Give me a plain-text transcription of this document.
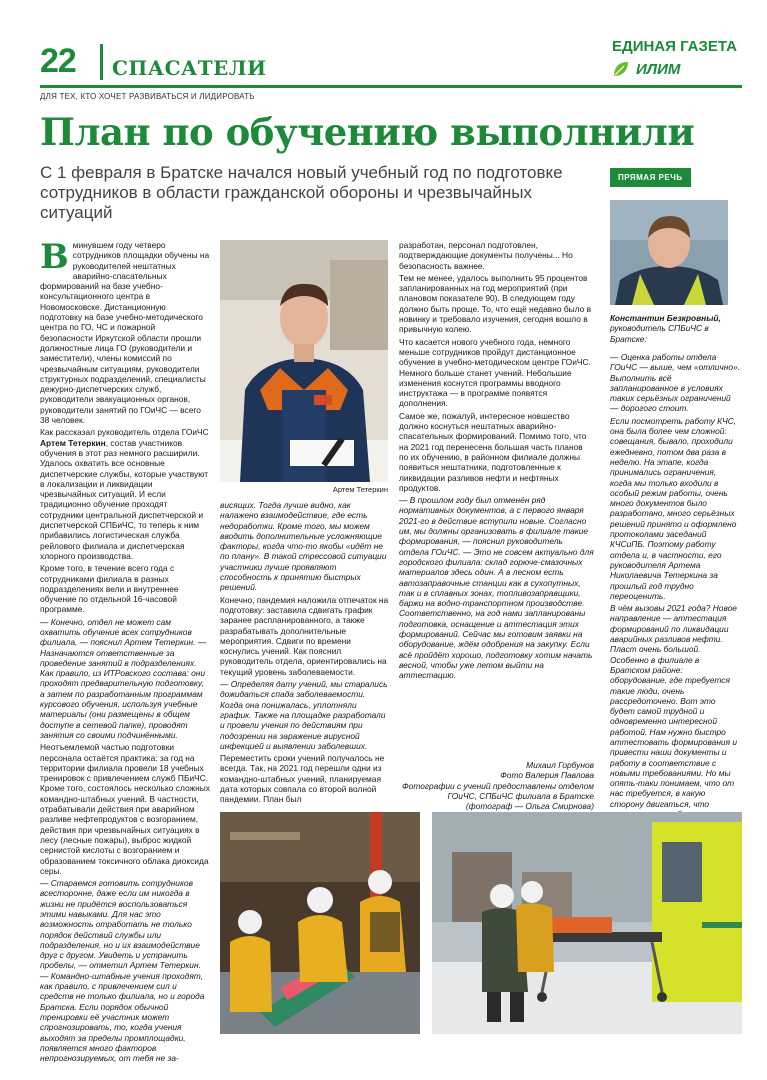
22 СПАСАТЕЛИ
ЕДИНАЯ ГАЗЕТА
ИЛИМ
ДЛЯ ТЕХ, КТО ХОЧЕТ РАЗВИВАТЬСЯ И ЛИДИРОВАТЬ
План по обучению выполнили
С 1 февраля в Братске начался новый учебный год по подготовке сотрудников в области гражданской обороны и чрезвычайных ситуаций

Вминувшем году четверо сотрудников площадки обучены на руководителей нештатных аварийно-спасательных формирований на базе учебно-консультационного центра в Новомосковске. Дистанционную подготовку на базе учебно-методического центра по ГО, ЧС и пожарной безопасности Иркутской области прошли должностные лица ГО (руководители и заместители), члены комиссий по чрезвычайным ситуациям, руководители структурных подразделений, специалисты дежурно-диспетчерских служб, руководители эвакуационных органов, руководители занятий по ГОиЧС — всего 38 человек.

Как рассказал руководитель отдела ГОиЧС Артем Тетеркин, состав участников обучения в этот раз немного расширили. Удалось охватить все основные диспетчерские службы, которые участвуют в локализации и ликвидации чрезвычайных ситуаций. И если традиционно обучение проходят сотрудники центральной диспетчерской и диспетчерской СПБиЧС, то теперь к ним прибавились логистическая служба рейлового филиала и диспетчерская хлорного производства.

Кроме того, в течение всего года с сотрудниками филиала в разных подразделениях вели и внутреннее обучение по отдельной 16-часовой программе.

— Конечно, отдел не может сам охватить обучение всех сотрудников филиала, — пояснил Артем Тетеркин. — Назначаются ответственные за проведение занятий в подразделениях. Как правило, из ИТРовского состава: они проходят предварительную подготовку, а затем по разработанным программам курсового обучения, используя учебные материалы (они размещены в общем доступе в сетевой папке), проводят занятия со своими подчинёнными.

Неотъемлемой частью подготовки персонала остаётся практика: за год на территории филиала провели 18 учебных тренировок с привлечением служб ПБиЧС. Кроме того, состоялось несколько сложных командно-штабных учений. В частности, отрабатывали действия при аварийном разливе нефтепродуктов с возгоранием, действия при чрезвычайных ситуациях в лесу (лесные пожары), выброс жидкой сернистой кислоты с возгоранием и образованием токсичного облака диоксида серы.

— Стараемся готовить сотрудников всесторонне, даже если им никогда в жизни не придётся воспользоваться этими навыками. Для нас это возможность отработать не только порядок действий службы или подразделения, но и их взаимодействие друг с другом. Увидеть и устранить пробелы, — отметил Артем Тетеркин. — Командно-штабные учения проходят, как правило, с привлечением сил и средств не только филиала, но и города Братска. Если порядок обычной тренировки её участник может спрогнозировать, то, когда учения выходят за пределы промплощадки, появляется много факторов непрогнозируемых, от тебя не за-

Артем Тетеркин

висящих. Тогда лучше видно, как налажено взаимодействие, где есть недоработки. Кроме того, мы можем вводить дополнительные усложняющие факторы, когда что-то якобы «идёт не по плану». В такой стрессовой ситуации участники лучше проявляют способность к принятию быстрых решений.

Конечно, пандемия наложила отпечаток на подготовку: заставила сдвигать график заранее распланированного, а также разрабатывать дополнительные мероприятия. Сдвиги по времени коснулись учений. Как пояснил руководитель отдела, ориентировались на текущий уровень заболеваемости.

— Определяя дату учений, мы старались дожидаться спада заболеваемости. Когда она понижалась, уплотняли график. Также на площадке разработали и провели учения по действиям при подозрении на заражение вирусной инфекцией и выявлении заболевших.

Переместить сроки учений получалось не всегда. Так, на 2021 год перешли одни из командно-штабных учений, планируемая дата которых совпала со второй волной пандемии. План был

разработан, персонал подготовлен, подтверждающие документы получены... Но безопасность важнее.

Тем не менее, удалось выполнить 95 процентов запланированных на год мероприятий (при плановом показателе 90). В следующем году должно быть проще. То, что ещё недавно было в новинку и требовало изучения, сегодня вошло в привычную колею.

Что касается нового учебного года, немного меньше сотрудников пройдут дистанционное обучение в учебно-методическом центре ГОиЧС. Немного больше станет учений. Небольшие изменения коснутся программы вводного инструктажа — в программе появятся дополнения.

Самое же, пожалуй, интересное новшество должно коснуться нештатных аварийно-спасательных формирований. Помимо того, что на 2021 год перенесена большая часть планов по их обучению, в районном филиале должны появиться нештатники, подготовленные к ликвидации разливов нефти и нефтяных продуктов.

— В прошлом году был отменён ряд нормативных документов, а с первого января 2021-го в действие вступили новые. Согласно им, мы должны организовать в филиале такие формирования, — пояснил руководитель отдела ГОиЧС. — Это не совсем актуально для городского филиала: склад горюче-смазочных материалов здесь один. А в лесном есть автозаправочные станции как в сухопутных, так и в сплавных зонах, топливозаправщики, баржи на водно-транспортном производстве. Соответственно, на год нами запланированы подготовка, оснащение и аттестация этих формирований. Сейчас мы готовим заявки на оборудование, ждём одобрения на закупку. Если всё пройдёт хорошо, подготовку хотим начать весной, чтобы уже летом выйти на аттестацию.

Михаил Горбунов
Фото Валерия Павлова
Фотографии с учений предоставлены отделом ГОиЧС, СПБиЧС филиала в Братске
(фотограф — Ольга Смирнова)
ПРЯМАЯ РЕЧЬ
Константин Безкровный,
руководитель СПБиЧС в Братске:

— Оценка работы отдела ГОиЧС — выше, чем «отлично». Выполнить всё запланированное в условиях таких серьёзных ограничений — дорогого стоит.

Если посмотреть работу КЧС, она была более чем сложной: совещания, бывало, проходили ежедневно, потом два раза в неделю. На этапе, когда принимались ограничения, когда мы только входили в особый режим работы, очень много документов было разработано, много серьёзных решений принято и оформлено протоколами заседаний КЧСиПБ. Поэтому работу отдела и, в частности, его руководителя Артема Николаевича Тетеркина за прошлый год трудно переоценить.

В чём вызовы 2021 года? Новое направление — аттестация формирований по ликвидации аварийных разливов нефти. Пласт очень большой. Особенно в филиале в Братском районе: оборудование, где требуется такие люди, очень рассредоточено. Вот это будет самой трудной и одновременно интересной работой. Нам нужно быстро аттестовать формирования и привести наши документы и работу в соответствие с новыми требованиями. Но мы опять-таки понимаем, что от нас требуется, в какую сторону двигаться, что
